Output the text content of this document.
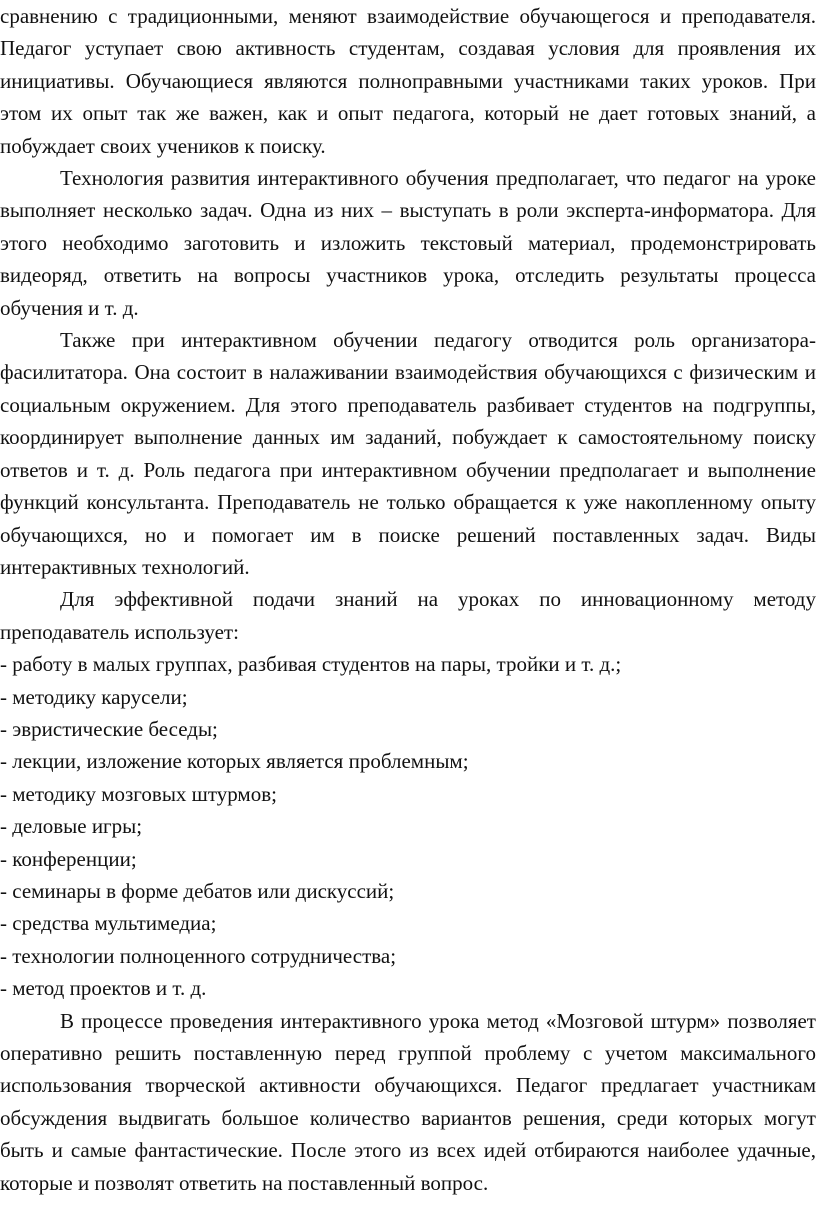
сравнению с традиционными, меняют взаимодействие обучающегося и преподавателя. Педагог уступает свою активность студентам, создавая условия для проявления их инициативы. Обучающиеся являются полноправными участниками таких уроков. При этом их опыт так же важен, как и опыт педагога, который не дает готовых знаний, а побуждает своих учеников к поиску.

Технология развития интерактивного обучения предполагает, что педагог на уроке выполняет несколько задач. Одна из них – выступать в роли эксперта-информатора. Для этого необходимо заготовить и изложить текстовый материал, продемонстрировать видеоряд, ответить на вопросы участников урока, отследить результаты процесса обучения и т. д.

Также при интерактивном обучении педагогу отводится роль организатора-фасилитатора. Она состоит в налаживании взаимодействия обучающихся с физическим и социальным окружением. Для этого преподаватель разбивает студентов на подгруппы, координирует выполнение данных им заданий, побуждает к самостоятельному поиску ответов и т. д. Роль педагога при интерактивном обучении предполагает и выполнение функций консультанта. Преподаватель не только обращается к уже накопленному опыту обучающихся, но и помогает им в поиске решений поставленных задач. Виды интерактивных технологий.

Для эффективной подачи знаний на уроках по инновационному методу преподаватель использует:

- работу в малых группах, разбивая студентов на пары, тройки и т. д.;
- методику карусели;
- эвристические беседы;
- лекции, изложение которых является проблемным;
- методику мозговых штурмов;
- деловые игры;
- конференции;
- семинары в форме дебатов или дискуссий;
- средства мультимедиа;
- технологии полноценного сотрудничества;
- метод проектов и т. д.

В процессе проведения интерактивного урока метод «Мозговой штурм» позволяет оперативно решить поставленную перед группой проблему с учетом максимального использования творческой активности обучающихся. Педагог предлагает участникам обсуждения выдвигать большое количество вариантов решения, среди которых могут быть и самые фантастические. После этого из всех идей отбираются наиболее удачные, которые и позволят ответить на поставленный вопрос.
